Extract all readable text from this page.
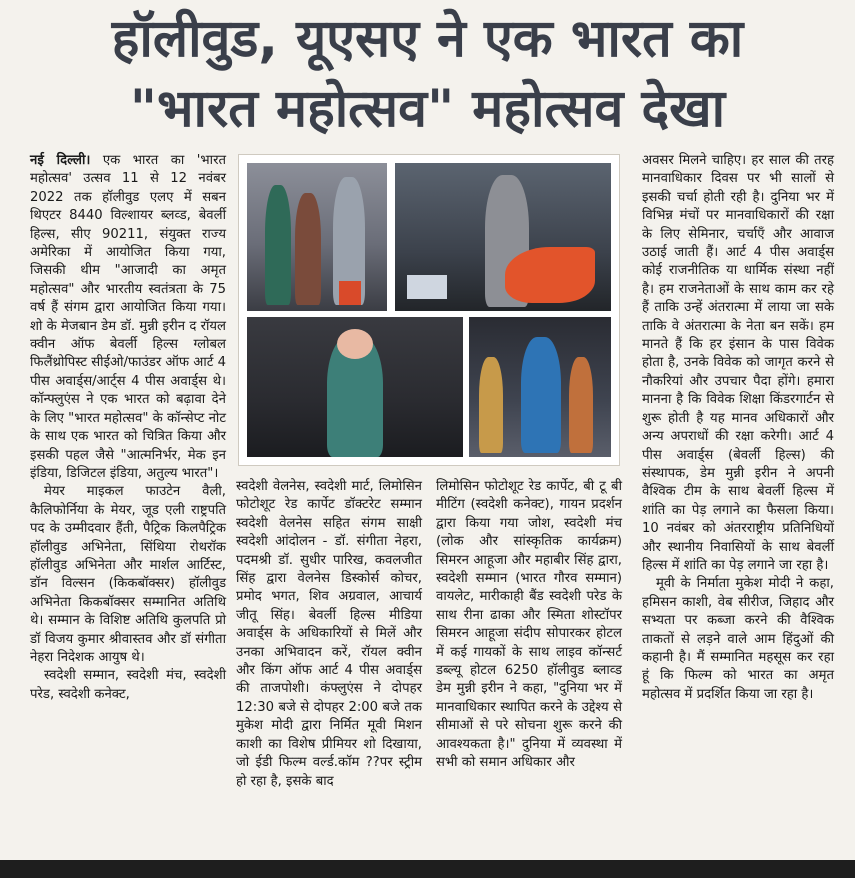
हॉलीवुड, यूएसए ने एक भारत का
"भारत महोत्सव" महोत्सव देखा

नई दिल्ली। एक भारत का 'भारत महोत्सव' उत्सव 11 से 12 नवंबर 2022 तक हॉलीवुड एलए में सबन थिएटर 8440 विल्शायर ब्लव्ड, बेवर्ली हिल्स, सीए 90211, संयुक्त राज्य अमेरिका में आयोजित किया गया, जिसकी थीम "आजादी का अमृत महोत्सव" और भारतीय स्वतंत्रता के 75 वर्ष हैं संगम द्वारा आयोजित किया गया। शो के मेजबान डेम डॉ. मुन्नी इरीन द रॉयल क्वीन ऑफ बेवर्ली हिल्स ग्लोबल फिलैंथ्रोपिस्ट सीईओ/फाउंडर ऑफ आर्ट 4 पीस अवार्ड्स/आर्ट्स 4 पीस अवार्ड्स थे। कॉन्फ्लुएंस ने एक भारत को बढ़ावा देने के लिए "भारत महोत्सव" के कॉन्सेप्ट नोट के साथ एक भारत को चित्रित किया और इसकी पहल जैसे "आत्मनिर्भर, मेक इन इंडिया, डिजिटल इंडिया, अतुल्य भारत"।

मेयर माइकल फाउटेन वैली, कैलिफोर्निया के मेयर, जूड एली राष्ट्रपति पद के उम्मीदवार हैंती, पैट्रिक किलपैट्रिक हॉलीवुड अभिनेता, सिंथिया रोथरॉक हॉलीवुड अभिनेता और मार्शल आर्टिस्ट, डॉन विल्सन (किकबॉक्सर) हॉलीवुड अभिनेता किकबॉक्सर सम्मानित अतिथि थे। सम्मान के विशिष्ट अतिथि कुलपति प्रो डॉ विजय कुमार श्रीवास्तव और डॉ संगीता नेहरा निदेशक आयुष थे।

स्वदेशी सम्मान, स्वदेशी मंच, स्वदेशी परेड, स्वदेशी कनेक्ट,

स्वदेशी वेलनेस, स्वदेशी मार्ट, लिमोसिन फोटोशूट रेड कार्पेट डॉक्टरेट सम्मान स्वदेशी वेलनेस सहित संगम साक्षी स्वदेशी आंदोलन - डॉ. संगीता नेहरा, पदमश्री डॉ. सुधीर पारिख, कवलजीत सिंह द्वारा वेलनेस डिस्कोर्स कोचर, प्रमोद भगत, शिव अग्रवाल, आचार्य जीतू सिंह। बेवर्ली हिल्स मीडिया अवार्ड्स के अधिकारियों से मिलें और उनका अभिवादन करें, रॉयल क्वीन और किंग ऑफ आर्ट 4 पीस अवार्ड्स की ताजपोशी। कंफ्लुएंस ने दोपहर 12:30 बजे से दोपहर 2:00 बजे तक मुकेश मोदी द्वारा निर्मित मूवी मिशन काशी का विशेष प्रीमियर शो दिखाया, जो ईडी फिल्म वर्ल्ड.कॉम ??पर स्ट्रीम हो रहा है, इसके बाद

लिमोसिन फोटोशूट रेड कार्पेट, बी टू बी मीटिंग (स्वदेशी कनेक्ट), गायन प्रदर्शन द्वारा किया गया जोश, स्वदेशी मंच (लोक और सांस्कृतिक कार्यक्रम) सिमरन आहूजा और महाबीर सिंह द्वारा, स्वदेशी सम्मान (भारत गौरव सम्मान) वायलेट, मारीकाही बैंड स्वदेशी परेड के साथ रीना ढाका और स्मिता शोस्टॉपर सिमरन आहूजा संदीप सोपारकर होटल में कई गायकों के साथ लाइव कॉन्सर्ट डब्ल्यू होटल 6250 हॉलीवुड ब्लाव्ड डेम मुन्नी इरीन ने कहा, "दुनिया भर में मानवाधिकार स्थापित करने के उद्देश्य से सीमाओं से परे सोचना शुरू करने की आवश्यकता है।" दुनिया में व्यवस्था में सभी को समान अधिकार और

अवसर मिलने चाहिए। हर साल की तरह मानवाधिकार दिवस पर भी सालों से इसकी चर्चा होती रही है। दुनिया भर में विभिन्न मंचों पर मानवाधिकारों की रक्षा के लिए सेमिनार, चर्चाएँ और आवाज उठाई जाती हैं। आर्ट 4 पीस अवार्ड्स कोई राजनीतिक या धार्मिक संस्था नहीं है। हम राजनेताओं के साथ काम कर रहे हैं ताकि उन्हें अंतरात्मा में लाया जा सके ताकि वे अंतरात्मा के नेता बन सकें। हम मानते हैं कि हर इंसान के पास विवेक होता है, उनके विवेक को जागृत करने से नौकरियां और उपचार पैदा होंगे। हमारा मानना है कि विवेक शिक्षा किंडरगार्टन से शुरू होती है यह मानव अधिकारों और अन्य अपराधों की रक्षा करेगी। आर्ट 4 पीस अवार्ड्स (बेवर्ली हिल्स) की संस्थापक, डेम मुन्नी इरीन ने अपनी वैश्विक टीम के साथ बेवर्ली हिल्स में शांति का पेड़ लगाने का फैसला किया। 10 नवंबर को अंतरराष्ट्रीय प्रतिनिधियों और स्थानीय निवासियों के साथ बेवर्ली हिल्स में शांति का पेड़ लगाने जा रहा है।

मूवी के निर्माता मुकेश मोदी ने कहा, हमिसन काशी, वेब सीरीज, जिहाद और सभ्यता पर कब्जा करने की वैश्विक ताकतों से लड़ने वाले आम हिंदुओं की कहानी है। मैं सम्मानित महसूस कर रहा हूं कि फिल्म को भारत का अमृत महोत्सव में प्रदर्शित किया जा रहा है।
